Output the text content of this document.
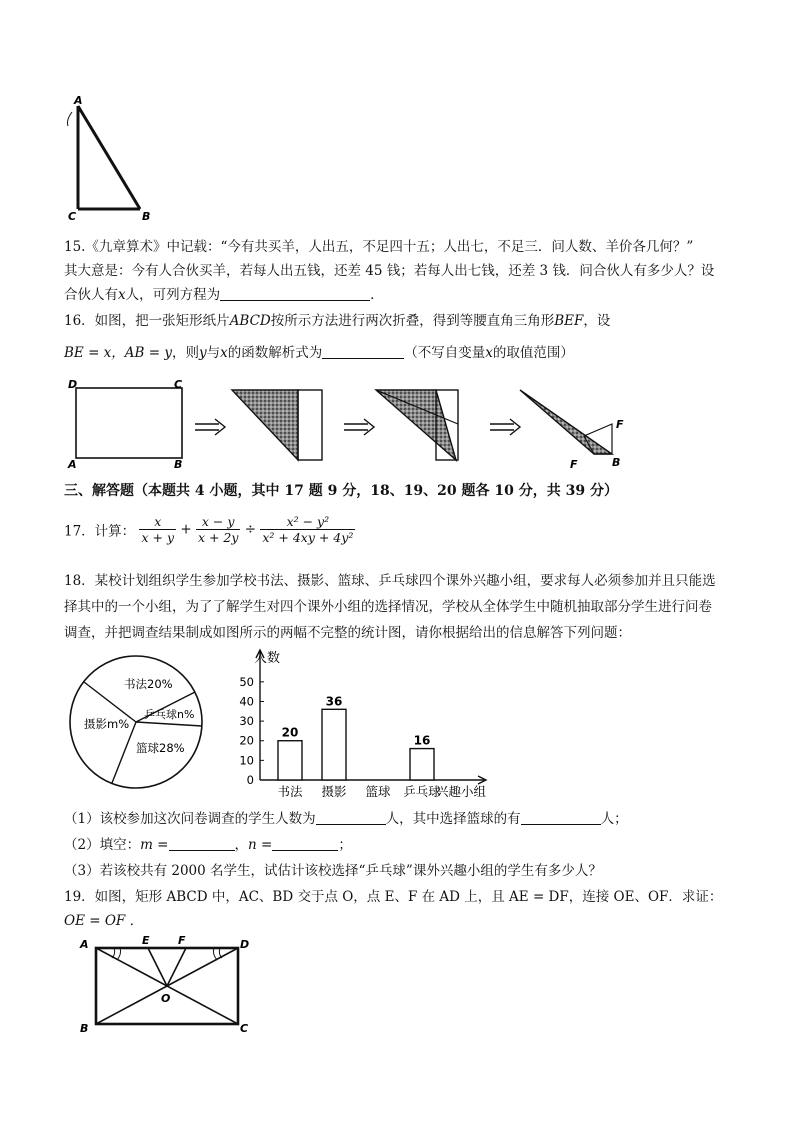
A
C	B
15.《九章算术》中记载：“今有共买羊，人出五，不足四十五；人出七，不足三．问人数、羊价各几何？”
其大意是：今有人合伙买羊，若每人出五钱，还差 45 钱；若每人出七钱，还差 3 钱．问合伙人有多少人？设
合伙人有x人，可列方程为	．
16．如图，把一张矩形纸片ABCD按所示方法进行两次折叠，得到等腰直角三角形BEF，设
BE = x，AB = y，则y与x的函数解析式为	（不写自变量x的取值范围）
D	C
A	B
F
F	B
三、解答题（本题共 4 小题，其中 17 题 9 分，18、19、20 题各 10 分，共 39 分）
17．计算： $\frac{x}{x + y} + \frac{x - y}{x + 2y} \div \frac{\text{x² − y²}}{\text{x² + 4xy + 4y²}}$
18．某校计划组织学生参加学校书法、摄影、篮球、乒乓球四个课外兴趣小组，要求每人必须参加并且只能选
择其中的一个小组，为了了解学生对四个课外小组的选择情况，学校从全体学生中随机抽取部分学生进行问卷
调查，并把调查结果制成如图所示的两幅不完整的统计图，请你根据给出的信息解答下列问题：
书法20%
摄影m%
乒乓球n%
篮球28%
人数
兴趣小组
0
10
20
30
40
50
书法
20
摄影
36
篮球 乒乓球
16
（1）该校参加这次问卷调查的学生人数为	人，其中选择篮球的有	人；
（2）填空：m =	，n =	；
（3）若该校共有 2000 名学生，试估计该校选择“乒乓球”课外兴趣小组的学生有多少人？
19．如图，矩形 ABCD 中，AC、BD 交于点 O，点 E、F 在 AD 上，且 AE = DF，连接 OE、OF．求证：
OE = OF ．
A	E	F	D
O
B	C
